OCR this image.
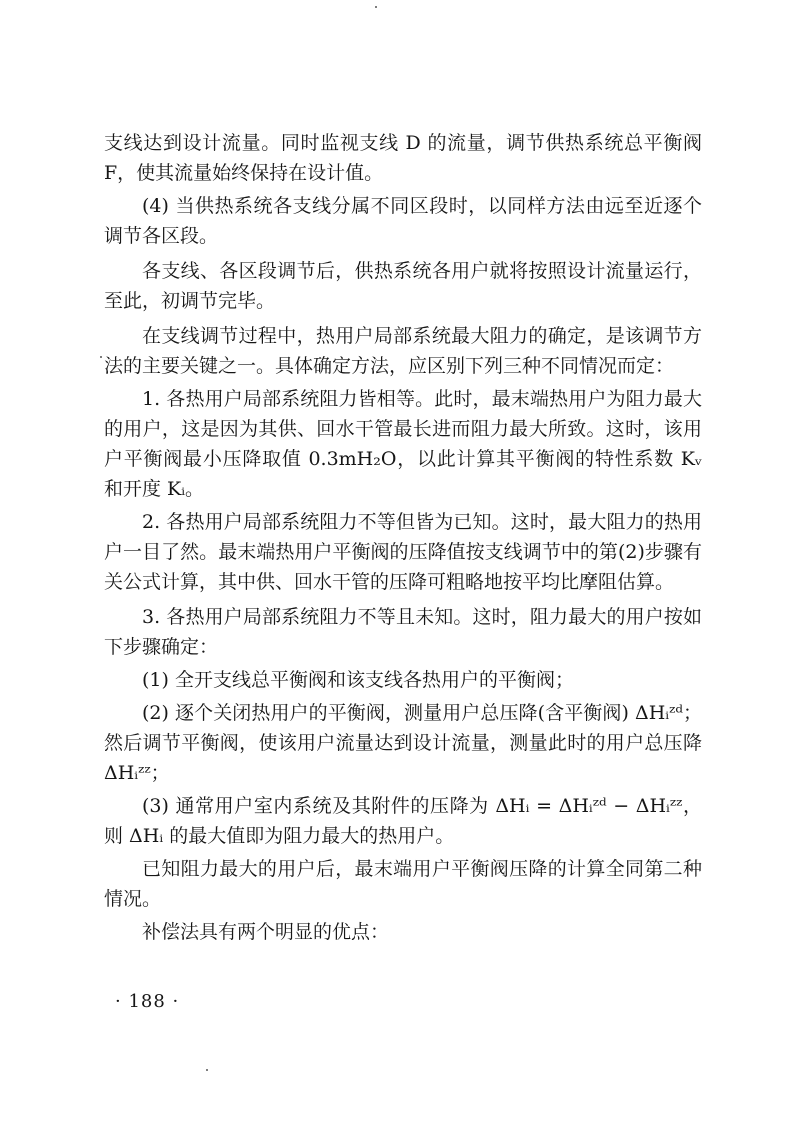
支线达到设计流量。同时监视支线 D 的流量，调节供热系统总平衡阀 F，使其流量始终保持在设计值。

(4) 当供热系统各支线分属不同区段时，以同样方法由远至近逐个调节各区段。

各支线、各区段调节后，供热系统各用户就将按照设计流量运行，至此，初调节完毕。

在支线调节过程中，热用户局部系统最大阻力的确定，是该调节方法的主要关键之一。具体确定方法，应区别下列三种不同情况而定：

1. 各热用户局部系统阻力皆相等。此时，最末端热用户为阻力最大的用户，这是因为其供、回水干管最长进而阻力最大所致。这时，该用户平衡阀最小压降取值 0.3mH₂O，以此计算其平衡阀的特性系数 Kᵥ 和开度 Kᵢ。

2. 各热用户局部系统阻力不等但皆为已知。这时，最大阻力的热用户一目了然。最末端热用户平衡阀的压降值按支线调节中的第(2)步骤有关公式计算，其中供、回水干管的压降可粗略地按平均比摩阻估算。

3. 各热用户局部系统阻力不等且未知。这时，阻力最大的用户按如下步骤确定：

(1) 全开支线总平衡阀和该支线各热用户的平衡阀；

(2) 逐个关闭热用户的平衡阀，测量用户总压降(含平衡阀) ΔHᵢᶻᵈ；然后调节平衡阀，使该用户流量达到设计流量，测量此时的用户总压降 ΔHᵢᶻᶻ；

(3) 通常用户室内系统及其附件的压降为 ΔHᵢ = ΔHᵢᶻᵈ − ΔHᵢᶻᶻ，则 ΔHᵢ 的最大值即为阻力最大的热用户。

已知阻力最大的用户后，最末端用户平衡阀压降的计算全同第二种情况。

补偿法具有两个明显的优点：

· 188 ·
